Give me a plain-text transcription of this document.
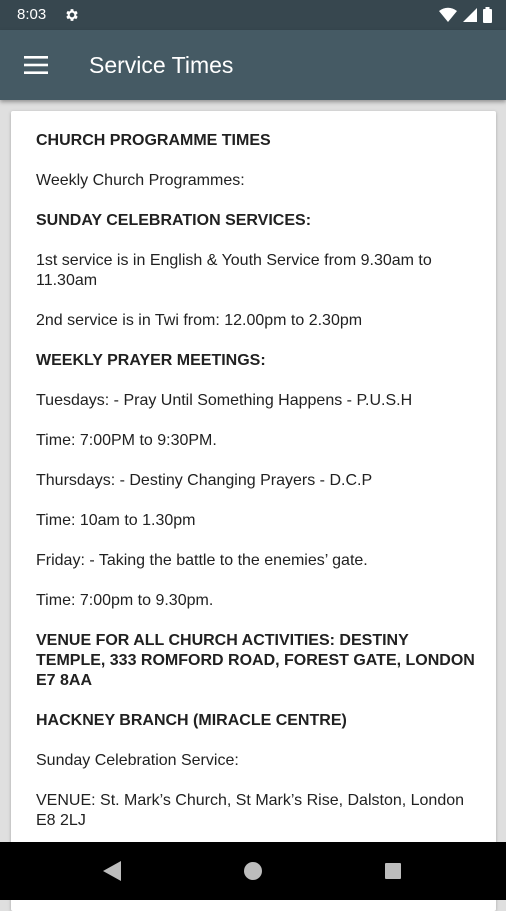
8:03
Service Times

CHURCH PROGRAMME TIMES

Weekly Church Programmes:

SUNDAY CELEBRATION SERVICES:

1st service is in English & Youth Service from 9.30am to 11.30am

2nd service is in Twi from: 12.00pm to 2.30pm

WEEKLY PRAYER MEETINGS:

Tuesdays: - Pray Until Something Happens - P.U.S.H

Time: 7:00PM to 9:30PM.

Thursdays: - Destiny Changing Prayers - D.C.P

Time: 10am to 1.30pm

Friday: - Taking the battle to the enemies’ gate.

Time: 7:00pm to 9.30pm.

VENUE FOR ALL CHURCH ACTIVITIES: DESTINY TEMPLE, 333 ROMFORD ROAD, FOREST GATE, LONDON E7 8AA

HACKNEY BRANCH (MIRACLE CENTRE)

Sunday Celebration Service:

VENUE: St. Mark’s Church, St Mark’s Rise, Dalston, London E8 2LJ
